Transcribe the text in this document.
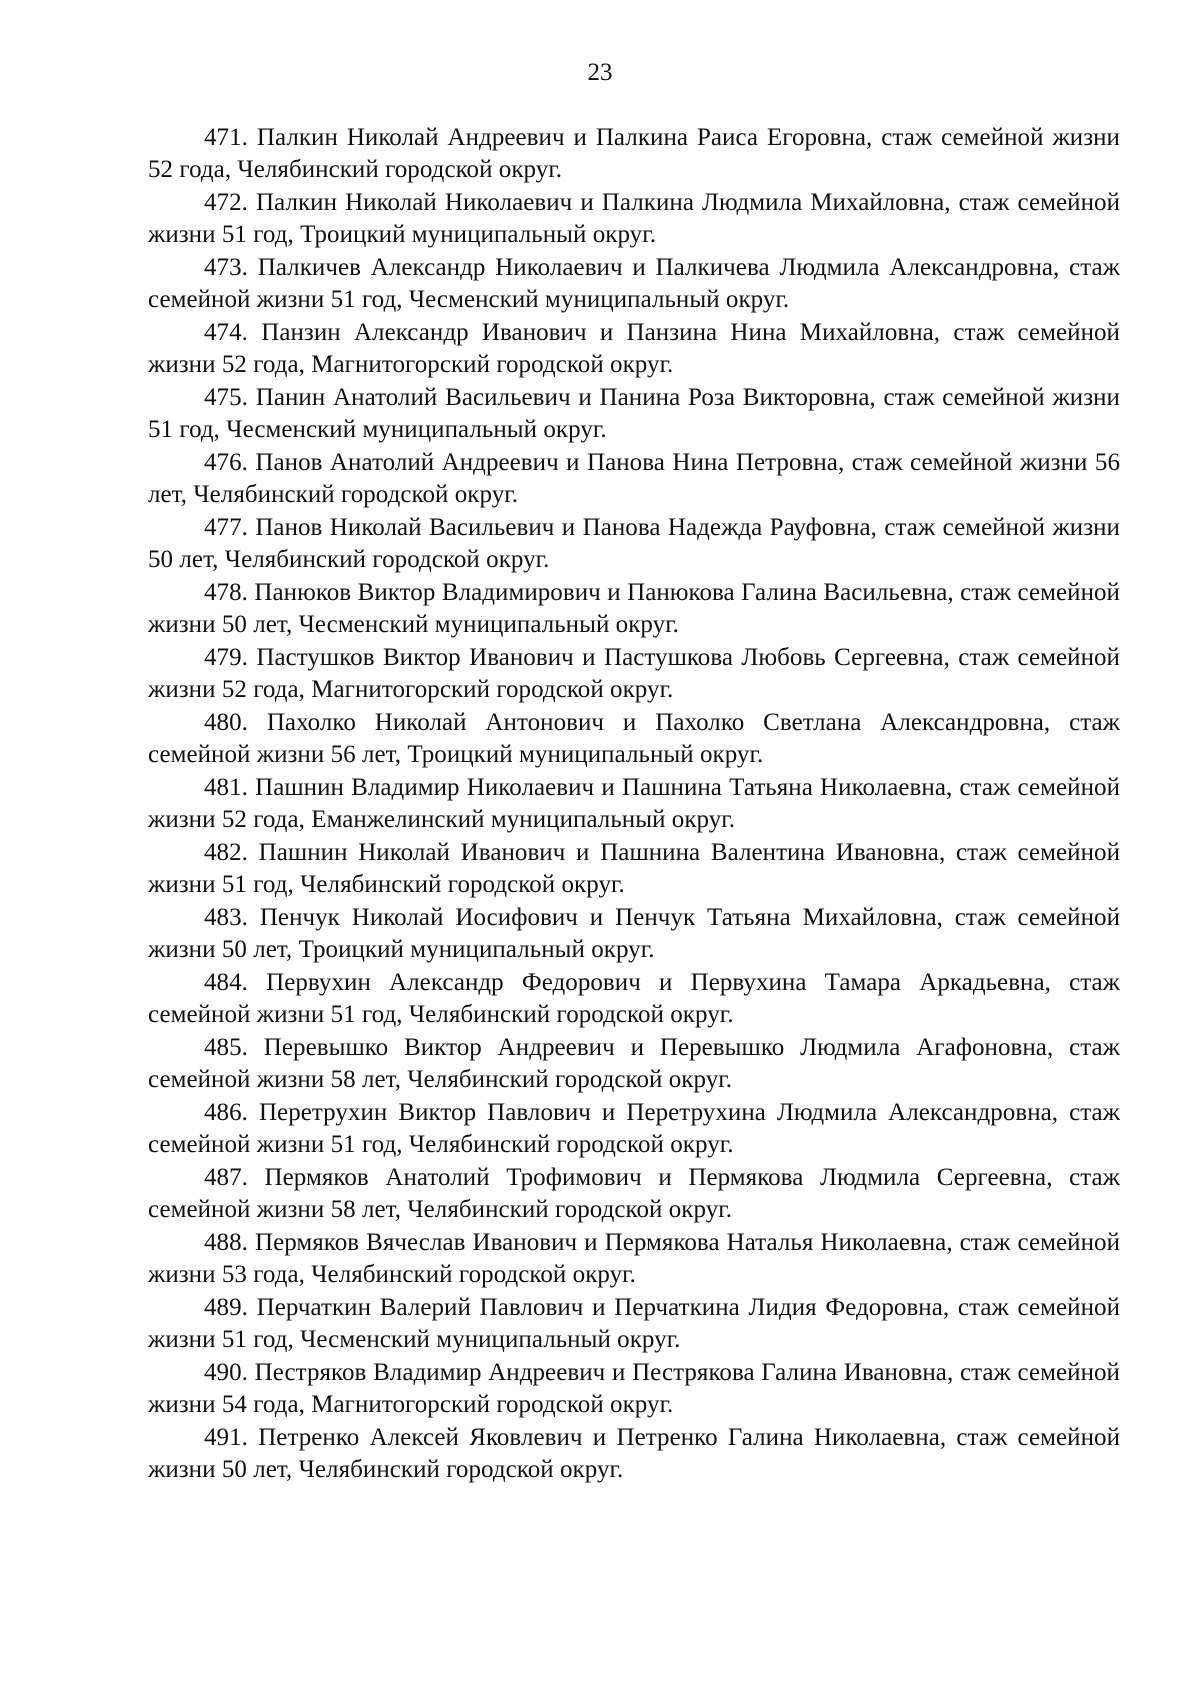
23

471. Палкин Николай Андреевич и Палкина Раиса Егоровна, стаж семейной жизни 52 года, Челябинский городской округ.

472. Палкин Николай Николаевич и Палкина Людмила Михайловна, стаж семейной жизни 51 год, Троицкий муниципальный округ.

473. Палкичев Александр Николаевич и Палкичева Людмила Александровна, стаж семейной жизни 51 год, Чесменский муниципальный округ.

474. Панзин Александр Иванович и Панзина Нина Михайловна, стаж семейной жизни 52 года, Магнитогорский городской округ.

475. Панин Анатолий Васильевич и Панина Роза Викторовна, стаж семейной жизни 51 год, Чесменский муниципальный округ.

476. Панов Анатолий Андреевич и Панова Нина Петровна, стаж семейной жизни 56 лет, Челябинский городской округ.

477. Панов Николай Васильевич и Панова Надежда Рауфовна, стаж семейной жизни 50 лет, Челябинский городской округ.

478. Панюков Виктор Владимирович и Панюкова Галина Васильевна, стаж семейной жизни 50 лет, Чесменский муниципальный округ.

479. Пастушков Виктор Иванович и Пастушкова Любовь Сергеевна, стаж семейной жизни 52 года, Магнитогорский городской округ.

480. Пахолко Николай Антонович и Пахолко Светлана Александровна, стаж семейной жизни 56 лет, Троицкий муниципальный округ.

481. Пашнин Владимир Николаевич и Пашнина Татьяна Николаевна, стаж семейной жизни 52 года, Еманжелинский муниципальный округ.

482. Пашнин Николай Иванович и Пашнина Валентина Ивановна, стаж семейной жизни 51 год, Челябинский городской округ.

483. Пенчук Николай Иосифович и Пенчук Татьяна Михайловна, стаж семейной жизни 50 лет, Троицкий муниципальный округ.

484. Первухин Александр Федорович и Первухина Тамара Аркадьевна, стаж семейной жизни 51 год, Челябинский городской округ.

485. Перевышко Виктор Андреевич и Перевышко Людмила Агафоновна, стаж семейной жизни 58 лет, Челябинский городской округ.

486. Перетрухин Виктор Павлович и Перетрухина Людмила Александровна, стаж семейной жизни 51 год, Челябинский городской округ.

487. Пермяков Анатолий Трофимович и Пермякова Людмила Сергеевна, стаж семейной жизни 58 лет, Челябинский городской округ.

488. Пермяков Вячеслав Иванович и Пермякова Наталья Николаевна, стаж семейной жизни 53 года, Челябинский городской округ.

489. Перчаткин Валерий Павлович и Перчаткина Лидия Федоровна, стаж семейной жизни 51 год, Чесменский муниципальный округ.

490. Пестряков Владимир Андреевич и Пестрякова Галина Ивановна, стаж семейной жизни 54 года, Магнитогорский городской округ.

491. Петренко Алексей Яковлевич и Петренко Галина Николаевна, стаж семейной жизни 50 лет, Челябинский городской округ.
